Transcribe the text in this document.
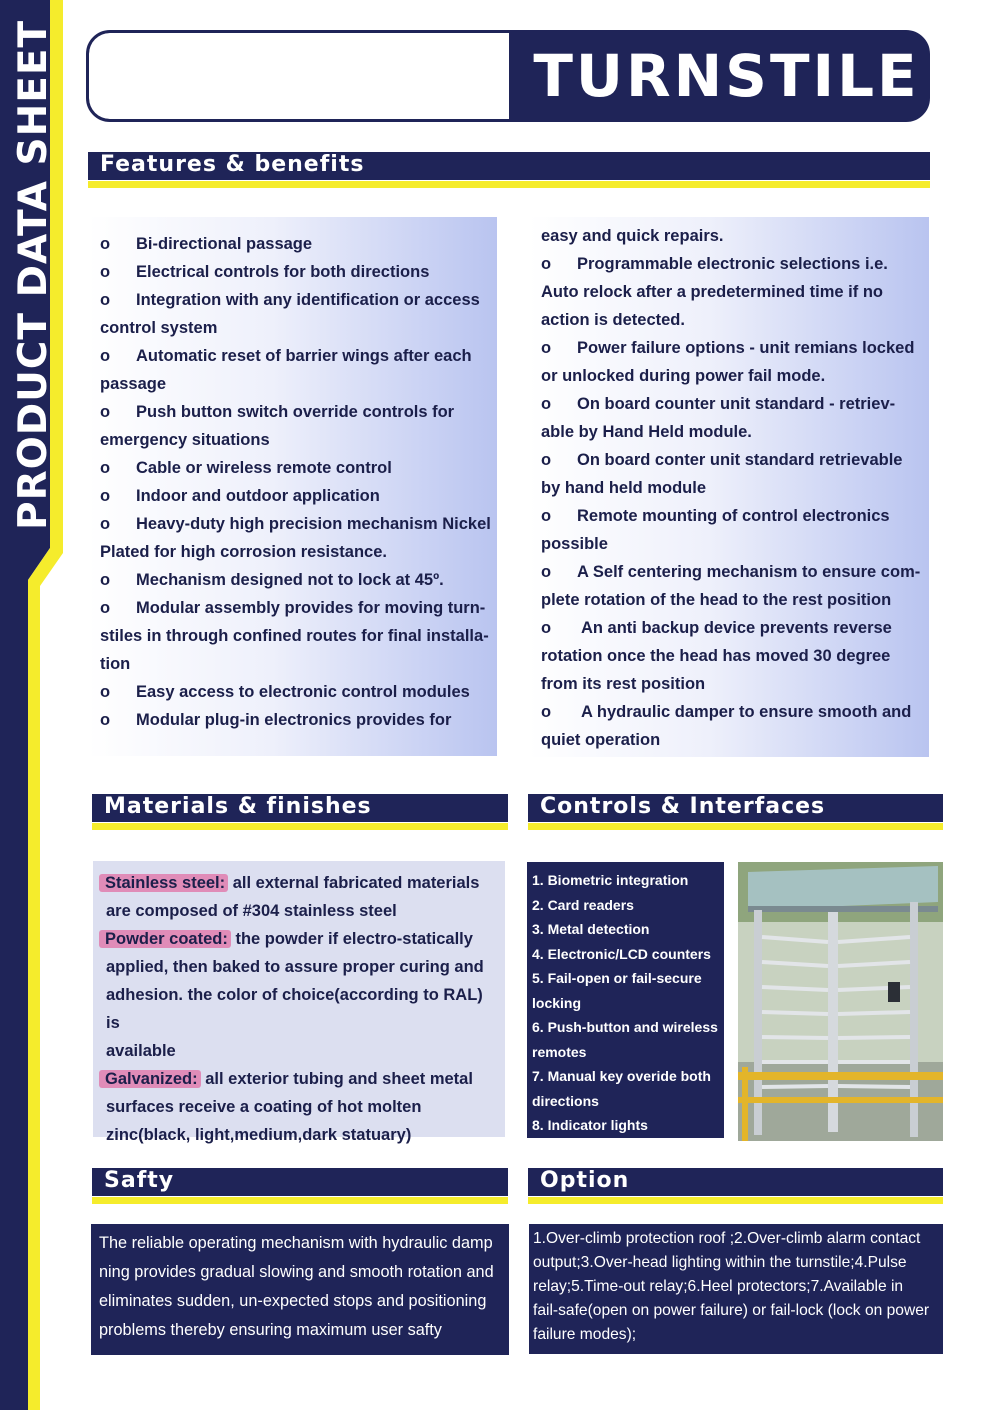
PRODUCT DATA SHEET	TURNSTILE
Features & benefits
o Bi-directional passage
o Electrical controls for both directions
o Integration with any identification or access
control system
o Automatic reset of barrier wings after each
passage
o Push button switch override controls for
emergency situations
o Cable or wireless remote control
o Indoor and outdoor application
o Heavy-duty high precision mechanism Nickel
Plated for high corrosion resistance.
o Mechanism designed not to lock at 45º.
o Modular assembly provides for moving turn-
stiles in through confined routes for final installa-
tion
o Easy access to electronic control modules
o Modular plug-in electronics provides for
easy and quick repairs.
o Programmable electronic selections i.e.
Auto relock after a predetermined time if no
action is detected.
o Power failure options - unit remians locked
or unlocked during power fail mode.
o On board counter unit standard - retriev-
able by Hand Held module.
o On board conter unit standard retrievable
by hand held module
o Remote mounting of control electronics
possible
o A Self centering mechanism to ensure com-
plete rotation of the head to the rest position
o An anti backup device prevents reverse
rotation once the head has moved 30 degree
from its rest position
o A hydraulic damper to ensure smooth and
quiet operation
Materials & finishes	Controls & Interfaces
Stainless steel: all external fabricated materials
are composed of #304 stainless steel
Powder coated: the powder if electro-statically
applied, then baked to assure proper curing and
adhesion. the color of choice(according to RAL) is
available
Galvanized: all exterior tubing and sheet metal
surfaces receive a coating of hot molten
zinc(black, light,medium,dark statuary)
1. Biometric integration
2. Card readers
3. Metal detection
4. Electronic/LCD counters
5. Fail-open or fail-secure
locking
6. Push-button and wireless
remotes
7. Manual key overide both
directions
8. Indicator lights
Safty	Option
The reliable operating mechanism with hydraulic damp
ning provides gradual slowing and smooth rotation and
eliminates sudden, un-expected stops and positioning
problems thereby ensuring maximum user safty
1.Over-climb protection roof ;2.Over-climb alarm contact
output;3.Over-head lighting within the turnstile;4.Pulse
relay;5.Time-out relay;6.Heel protectors;7.Available in
fail-safe(open on power failure) or fail-lock (lock on power
failure modes);
